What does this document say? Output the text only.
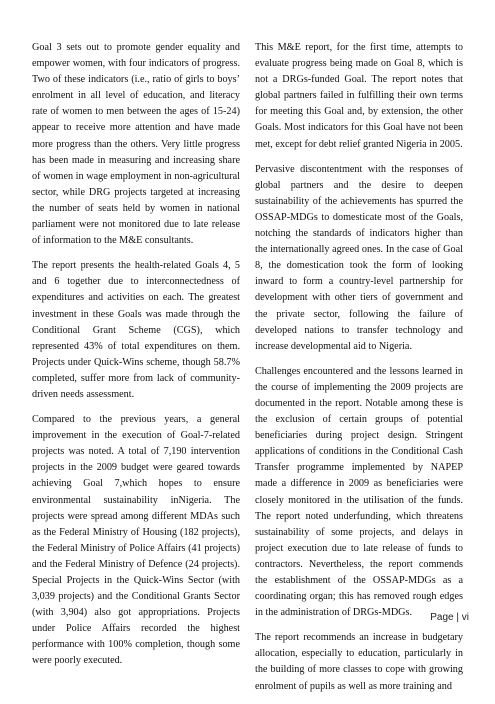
Goal 3 sets out to promote gender equality and empower women, with four indicators of progress. Two of these indicators (i.e., ratio of girls to boys’ enrolment in all level of education, and literacy rate of women to men between the ages of 15-24) appear to receive more attention and have made more progress than the others. Very little progress has been made in measuring and increasing share of women in wage employment in non-agricultural sector, while DRG projects targeted at increasing the number of seats held by women in national parliament were not monitored due to late release of information to the M&E consultants.

The report presents the health-related Goals 4, 5 and 6 together due to interconnectedness of expenditures and activities on each. The greatest investment in these Goals was made through the Conditional Grant Scheme (CGS), which represented 43% of total expenditures on them. Projects under Quick-Wins scheme, though 58.7% completed, suffer more from lack of community-driven needs assessment.

Compared to the previous years, a general improvement in the execution of Goal-7-related projects was noted. A total of 7,190 intervention projects in the 2009 budget were geared towards achieving Goal 7,which hopes to ensure environmental sustainability inNigeria. The projects were spread among different MDAs such as the Federal Ministry of Housing (182 projects), the Federal Ministry of Police Affairs (41 projects) and the Federal Ministry of Defence (24 projects). Special Projects in the Quick-Wins Sector (with 3,039 projects) and the Conditional Grants Sector (with 3,904) also got appropriations. Projects under Police Affairs recorded the highest performance with 100% completion, though some were poorly executed.

This M&E report, for the first time, attempts to evaluate progress being made on Goal 8, which is not a DRGs-funded Goal. The report notes that global partners failed in fulfilling their own terms for meeting this Goal and, by extension, the other Goals. Most indicators for this Goal have not been met, except for debt relief granted Nigeria in 2005.

Pervasive discontentment with the responses of global partners and the desire to deepen sustainability of the achievements has spurred the OSSAP-MDGs to domesticate most of the Goals, notching the standards of indicators higher than the internationally agreed ones. In the case of Goal 8, the domestication took the form of looking inward to form a country-level partnership for development with other tiers of government and the private sector, following the failure of developed nations to transfer technology and increase developmental aid to Nigeria.

Challenges encountered and the lessons learned in the course of implementing the 2009 projects are documented in the report. Notable among these is the exclusion of certain groups of potential beneficiaries during project design. Stringent applications of conditions in the Conditional Cash Transfer programme implemented by NAPEP made a difference in 2009 as beneficiaries were closely monitored in the utilisation of the funds. The report noted underfunding, which threatens sustainability of some projects, and delays in project execution due to late release of funds to contractors. Nevertheless, the report commends the establishment of the OSSAP-MDGs as a coordinating organ; this has removed rough edges in the administration of DRGs-MDGs.

The report recommends an increase in budgetary allocation, especially to education, particularly in the building of more classes to cope with growing enrolment of pupils as well as more training and

Page | vi
